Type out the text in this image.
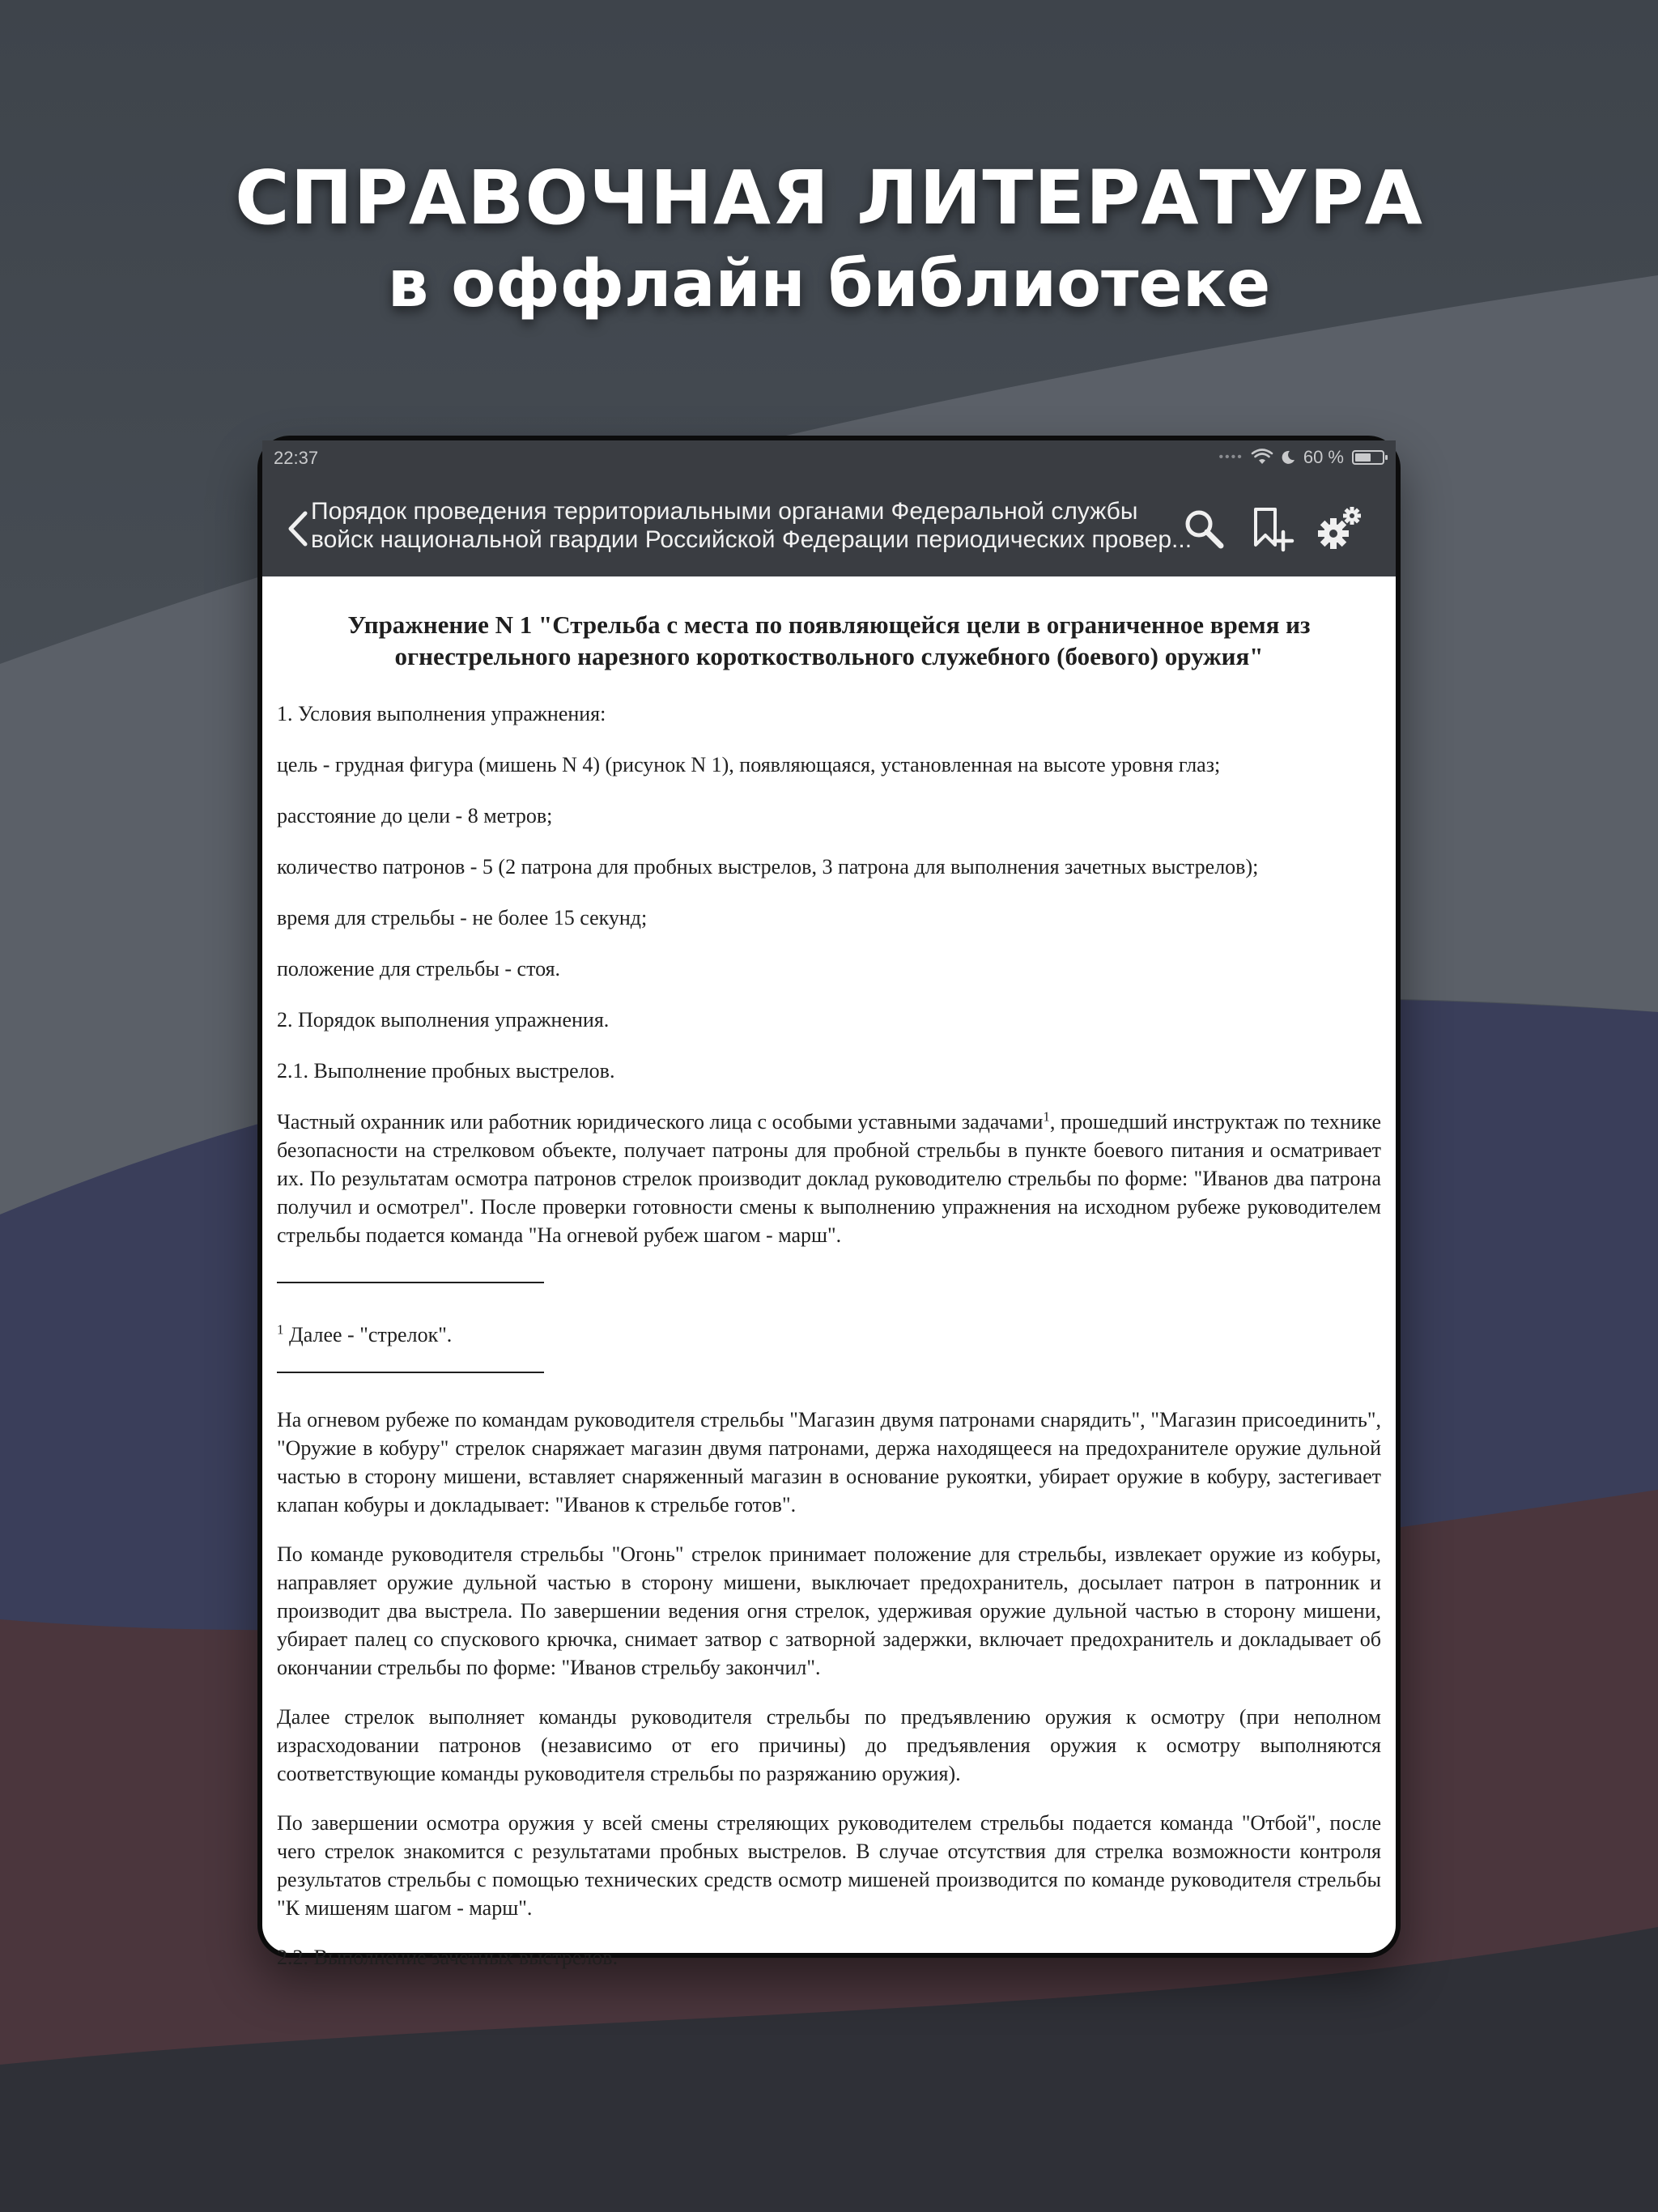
СПРАВОЧНАЯ ЛИТЕРАТУРА
в оффлайн библиотеке
22:37	••••	60 %
Порядок проведения территориальными органами Федеральной службы
войск национальной гвардии Российской Федерации периодических провер...
Упражнение N 1 "Стрельба с места по появляющейся цели в ограниченное время из огнестрельного нарезного короткоствольного служебного (боевого) оружия"

1. Условия выполнения упражнения:

цель - грудная фигура (мишень N 4) (рисунок N 1), появляющаяся, установленная на высоте уровня глаз;

расстояние до цели - 8 метров;

количество патронов - 5 (2 патрона для пробных выстрелов, 3 патрона для выполнения зачетных выстрелов);

время для стрельбы - не более 15 секунд;

положение для стрельбы - стоя.

2. Порядок выполнения упражнения.

2.1. Выполнение пробных выстрелов.

Частный охранник или работник юридического лица с особыми уставными задачами$^1$, прошедший инструктаж по технике безопасности на стрелковом объекте, получает патроны для пробной стрельбы в пункте боевого питания и осматривает их. По результатам осмотра патронов стрелок производит доклад руководителю стрельбы по форме: "Иванов два патрона получил и осмотрел". После проверки готовности смены к выполнению упражнения на исходном рубеже руководителем стрельбы подается команда "На огневой рубеж шагом - марш".

$^1$ Далее - "стрелок".

На огневом рубеже по командам руководителя стрельбы "Магазин двумя патронами снарядить", "Магазин присоединить", "Оружие в кобуру" стрелок снаряжает магазин двумя патронами, держа находящееся на предохранителе оружие дульной частью в сторону мишени, вставляет снаряженный магазин в основание рукоятки, убирает оружие в кобуру, застегивает клапан кобуры и докладывает: "Иванов к стрельбе готов".

По команде руководителя стрельбы "Огонь" стрелок принимает положение для стрельбы, извлекает оружие из кобуры, направляет оружие дульной частью в сторону мишени, выключает предохранитель, досылает патрон в патронник и производит два выстрела. По завершении ведения огня стрелок, удерживая оружие дульной частью в сторону мишени, убирает палец со спускового крючка, снимает затвор с затворной задержки, включает предохранитель и докладывает об окончании стрельбы по форме: "Иванов стрельбу закончил".

Далее стрелок выполняет команды руководителя стрельбы по предъявлению оружия к осмотру (при неполном израсходовании патронов (независимо от его причины) до предъявления оружия к осмотру выполняются соответствующие команды руководителя стрельбы по разряжанию оружия).

По завершении осмотра оружия у всей смены стреляющих руководителем стрельбы подается команда "Отбой", после чего стрелок знакомится с результатами пробных выстрелов. В случае отсутствия для стрелка возможности контроля результатов стрельбы с помощью технических средств осмотр мишеней производится по команде руководителя стрельбы "К мишеням шагом - марш".

2.2. Выполнение зачетных выстрелов.
